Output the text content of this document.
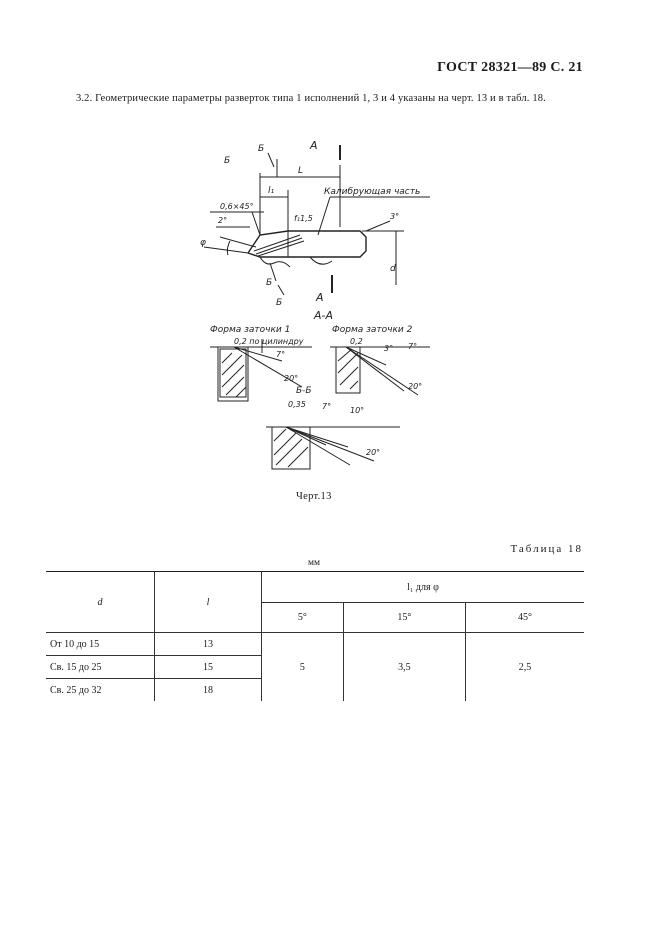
ГОСТ 28321—89 С. 21
3.2. Геометрические параметры разверток типа 1 исполнений 1, 3 и 4 указаны на черт. 13 и в табл. 18.
Б
Б	А
L
l₁
0,6×45°
Калибрующая часть
2°	f₁1,5	3°
φ
d
Б
Б	А
А-А
Форма заточки 1	Форма заточки 2
0,2 по цилиндру
7°
20°
0,2
3° 7°
20°
Б-Б
0,35 7° 10°
20°
Черт.13
Таблица 18
мм
d	l	l₁ для φ		
		5°	15°	45°
От 10 до 15	13	5	3,5	2,5
Св. 15 до 25	15			
Св. 25 до 32	18			
